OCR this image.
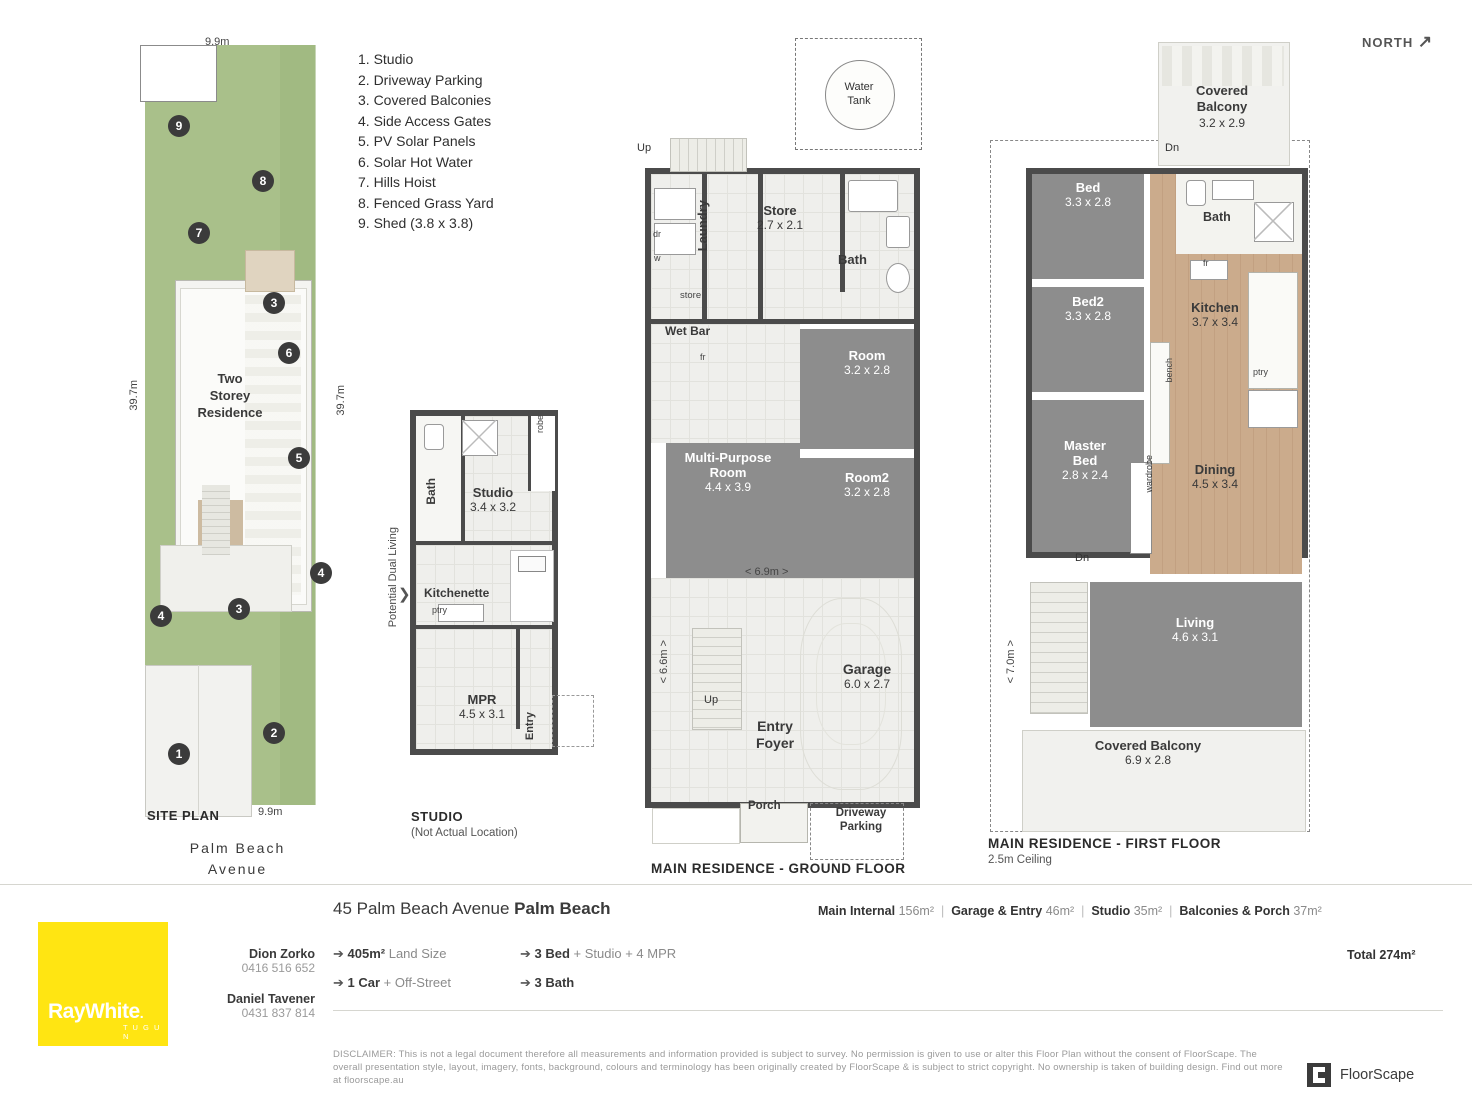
NORTH ↗
1. Studio
2. Driveway Parking
3. Covered Balconies
4. Side Access Gates
5. PV Solar Panels
6. Solar Hot Water
7. Hills Hoist
8. Fenced Grass Yard
9. Shed (3.8 x 3.8)
Two
Storey
Residence
9
8
7
3
6
5
4
4	3
2
1
9.9m
9.9m
39.7m	39.7m
SITE PLAN
Palm Beach
Avenue
Studio
3.4 x 3.2
Bath
robe
Kitchenette
ptry
MPR
4.5 x 3.1	Entry
Potential Dual Living ❯
STUDIO
(Not Actual Location)
Water
Tank
Laundry	Store
2.7 x 2.1
Bath
store
Wet Bar
fr
dr
w
Room
3.2 x 2.8
Multi-Purpose
Room
4.4 x 3.9
Room2
3.2 x 2.8
Garage
6.0 x 2.7
Entry
Foyer
Porch
Driveway
Parking
Up
Up
< 6.9m >
< 6.6m >
MAIN RESIDENCE - GROUND FLOOR
Covered
Balcony
3.2 x 2.9
Bath
Bed
3.3 x 2.8
Bed2
3.3 x 2.8
Kitchen
3.7 x 3.4
fr
ptry
bench
Master
Bed
2.8 x 2.4	wardrobe	Dining
4.5 x 3.4
Living
4.6 x 3.1
Covered Balcony
6.9 x 2.8
Dn
Dn
< 7.0m >
MAIN RESIDENCE - FIRST FLOOR
2.5m Ceiling
45 Palm Beach Avenue Palm Beach	Main Internal 156m²  |  Garage & Entry 46m²  |  Studio 35m²  |  Balconies & Porch 37m²
Total 274m²
➔ 405m² Land Size
➔ 1 Car + Off-Street
➔ 3 Bed + Studio + 4 MPR
➔ 3 Bath
RayWhite.
T U G U N
Dion Zorko
0416 516 652
Daniel Tavener
0431 837 814
DISCLAIMER: This is not a legal document therefore all measurements and information provided is subject to survey. No permission is given to use or alter this Floor Plan without the consent of FloorScape. The overall presentation style, layout, imagery, fonts, background, colours and terminology has been originally created by FloorScape & is subject to strict copyright. No ownership is taken of building design. Find out more at floorscape.au	FloorScape
